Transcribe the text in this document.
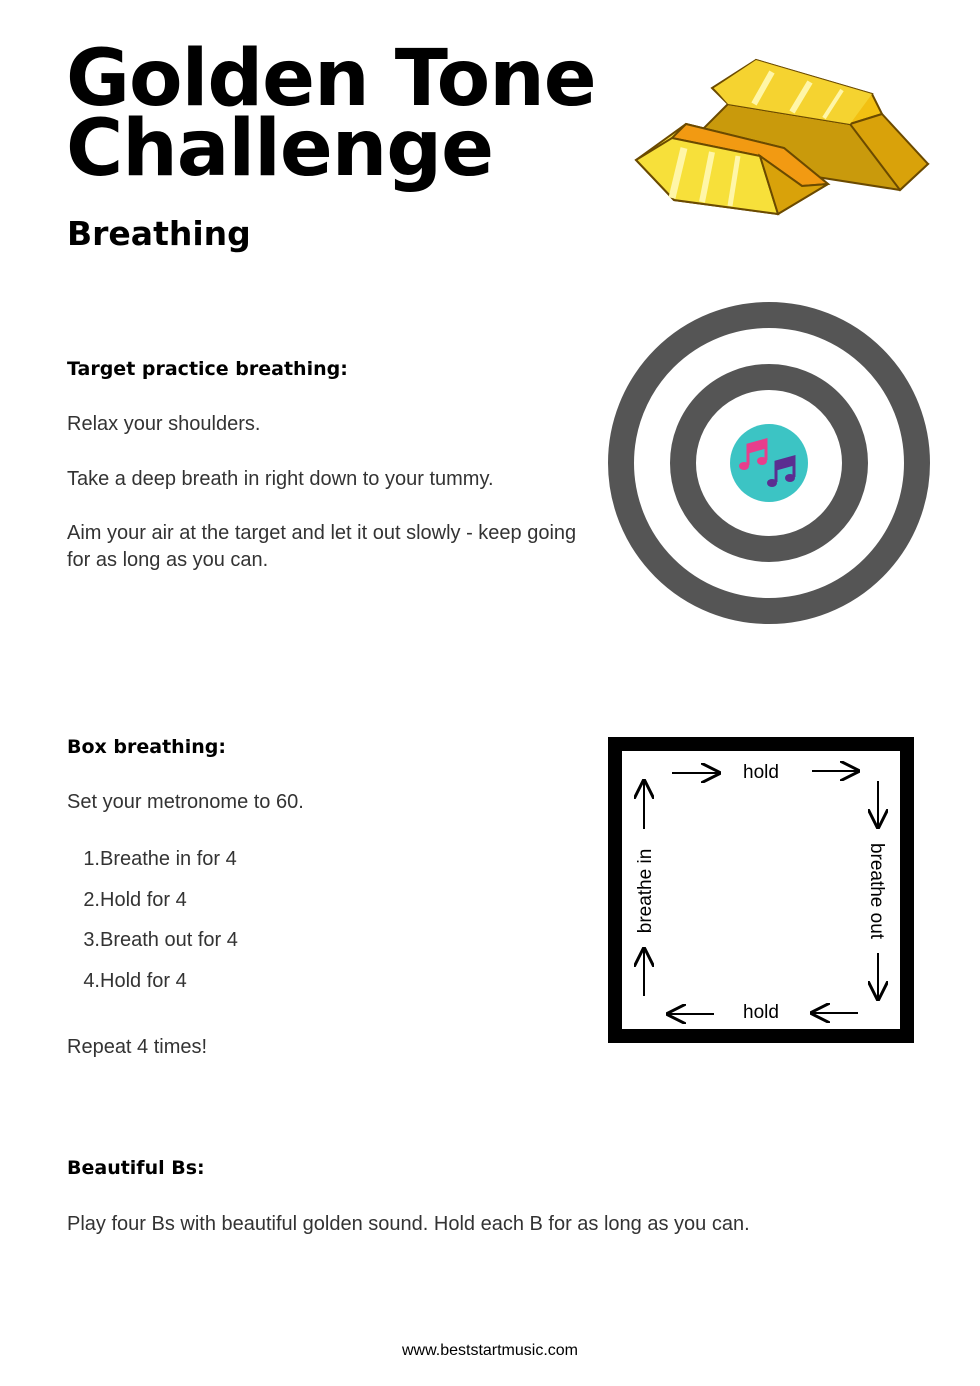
Golden Tone
Challenge
Breathing
Target practice breathing:

Relax your shoulders.

Take a deep breath in right down to your tummy.

Aim your air at the target and let it out slowly - keep going for as long as you can.

Box breathing:

Set your metronome to 60.

1. Breathe in for 4
2. Hold for 4
3. Breath out for 4
4. Hold for 4

Repeat 4 times!

hold
hold
breathe in	breathe out
Beautiful Bs:

Play four Bs with beautiful golden sound. Hold each B for as long as you can.

www.beststartmusic.com
